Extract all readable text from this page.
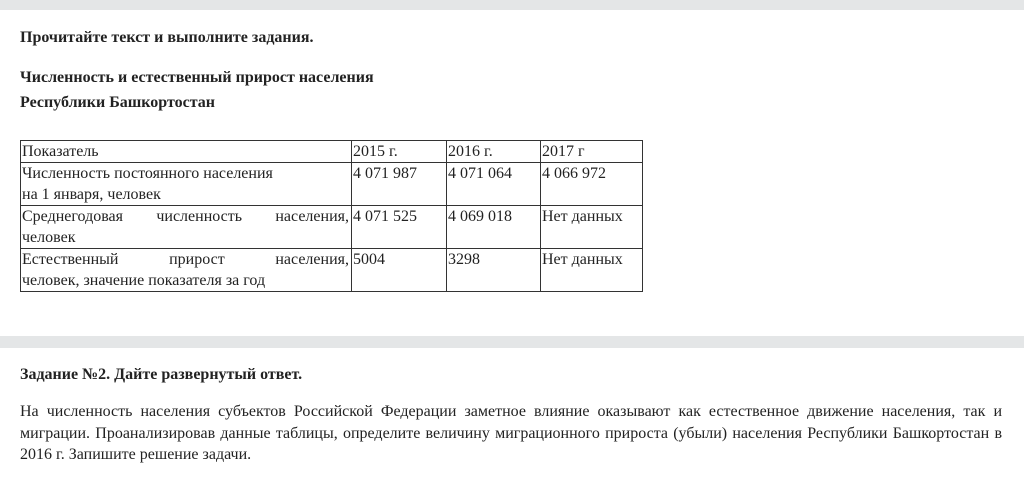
Прочитайте текст и выполните задания.
Численность и естественный прирост населения
Республики Башкортостан
Показатель	2015 г.	2016 г.	2017 г

Численность постоянного населения
на 1 января, человек	4 071 987	4 071 064	4 066 972

Среднегодовая численность населения,
человек	4 071 525	4 069 018	Нет данных

Естественный прирост населения,
человек, значение показателя за год	5004	3298	Нет данных
Задание №2. Дайте развернутый ответ.
На численность населения субъектов Российской Федерации заметное влияние оказывают как естественное движение населения, так и миграции. Проанализировав данные таблицы, определите величину миграционного прироста (убыли) населения Республики Башкортостан в 2016 г. Запишите решение задачи.
